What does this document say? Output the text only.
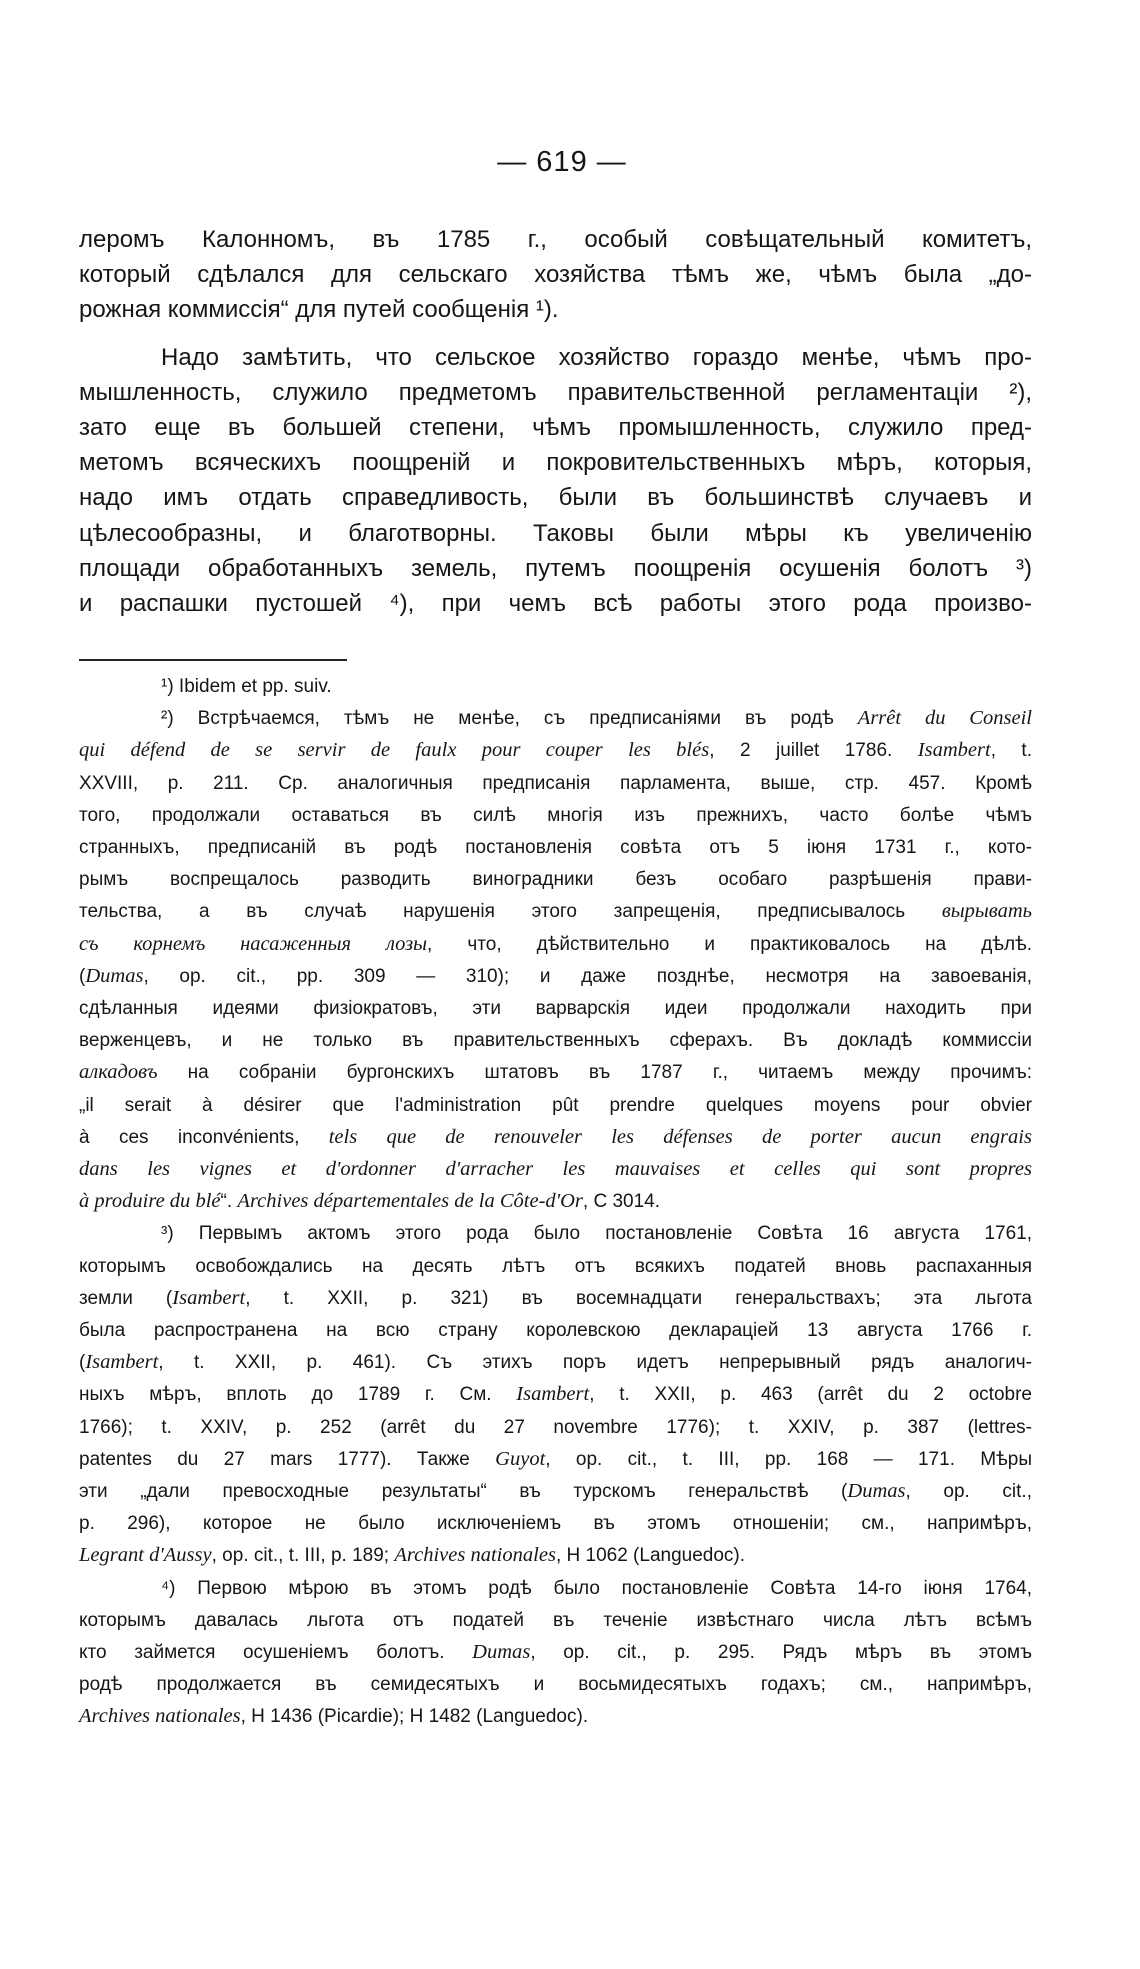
— 619 —
леромъ Калонномъ, въ 1785 г., особый совѣщательный комитетъ,
который сдѣлался для сельскаго хозяйства тѣмъ же, чѣмъ была „до-
рожная коммиссія“ для путей сообщенія ¹).
Надо замѣтить, что сельское хозяйство гораздо менѣе, чѣмъ про-
мышленность, служило предметомъ правительственной регламентаціи ²),
зато еще въ большей степени, чѣмъ промышленность, служило пред-
метомъ всяческихъ поощреній и покровительственныхъ мѣръ, которыя,
надо имъ отдать справедливость, были въ большинствѣ случаевъ и
цѣлесообразны, и благотворны. Таковы были мѣры къ увеличенію
площади обработанныхъ земель, путемъ поощренія осушенія болотъ ³)
и распашки пустошей ⁴), при чемъ всѣ работы этого рода произво-
¹) Ibidem et pp. suiv.
²) Встрѣчаемся, тѣмъ не менѣе, съ предписаніями въ родѣ Arrêt du Conseil
qui défend de se servir de faulx pour couper les blés, 2 juillet 1786. Isambert, t.
XXVIII, p. 211. Ср. аналогичныя предписанія парламента, выше, стр. 457. Кромѣ
того, продолжали оставаться въ силѣ многія изъ прежнихъ, часто болѣе чѣмъ
странныхъ, предписаній въ родѣ постановленія совѣта отъ 5 іюня 1731 г., кото-
рымъ воспрещалось разводить виноградники безъ особаго разрѣшенія прави-
тельства, а въ случаѣ нарушенія этого запрещенія, предписывалось вырывать
съ корнемъ насаженныя лозы, что, дѣйствительно и практиковалось на дѣлѣ.
(Dumas, op. cit., pp. 309 — 310); и даже позднѣе, несмотря на завоеванія,
сдѣланныя идеями физіократовъ, эти варварскія идеи продолжали находить при
верженцевъ, и не только въ правительственныхъ сферахъ. Въ докладѣ коммиссіи
алкадовъ на собраніи бургонскихъ штатовъ въ 1787 г., читаемъ между прочимъ:
„il serait à désirer que l'administration pût prendre quelques moyens pour obvier
à ces inconvénients, tels que de renouveler les défenses de porter aucun engrais
dans les vignes et d'ordonner d'arracher les mauvaises et celles qui sont propres
à produire du blé“. Archives départementales de la Côte-d'Or, C 3014.
³) Первымъ актомъ этого рода было постановленіе Совѣта 16 августа 1761,
которымъ освобождались на десять лѣтъ отъ всякихъ податей вновь распаханныя
земли (Isambert, t. XXII, p. 321) въ восемнадцати генеральствахъ; эта льгота
была распространена на всю страну королевскою деклараціей 13 августа 1766 г.
(Isambert, t. XXII, p. 461). Съ этихъ поръ идетъ непрерывный рядъ аналогич-
ныхъ мѣръ, вплоть до 1789 г. См. Isambert, t. XXII, p. 463 (arrêt du 2 octobre
1766); t. XXIV, p. 252 (arrêt du 27 novembre 1776); t. XXIV, p. 387 (lettres-
patentes du 27 mars 1777). Также Guyot, op. cit., t. III, pp. 168 — 171. Мѣры
эти „дали превосходные результаты“ въ турскомъ генеральствѣ (Dumas, op. cit.,
p. 296), которое не было исключеніемъ въ этомъ отношеніи; см., напримѣръ,
Legrant d'Aussy, op. cit., t. III, p. 189; Archives nationales, H 1062 (Languedoc).
⁴) Первою мѣрою въ этомъ родѣ было постановленіе Совѣта 14-го іюня 1764,
которымъ давалась льгота отъ податей въ теченіе извѣстнаго числа лѣтъ всѣмъ
кто займется осушеніемъ болотъ. Dumas, op. cit., p. 295. Рядъ мѣръ въ этомъ
родѣ продолжается въ семидесятыхъ и восьмидесятыхъ годахъ; см., напримѣръ,
Archives nationales, H 1436 (Picardie); H 1482 (Languedoc).
